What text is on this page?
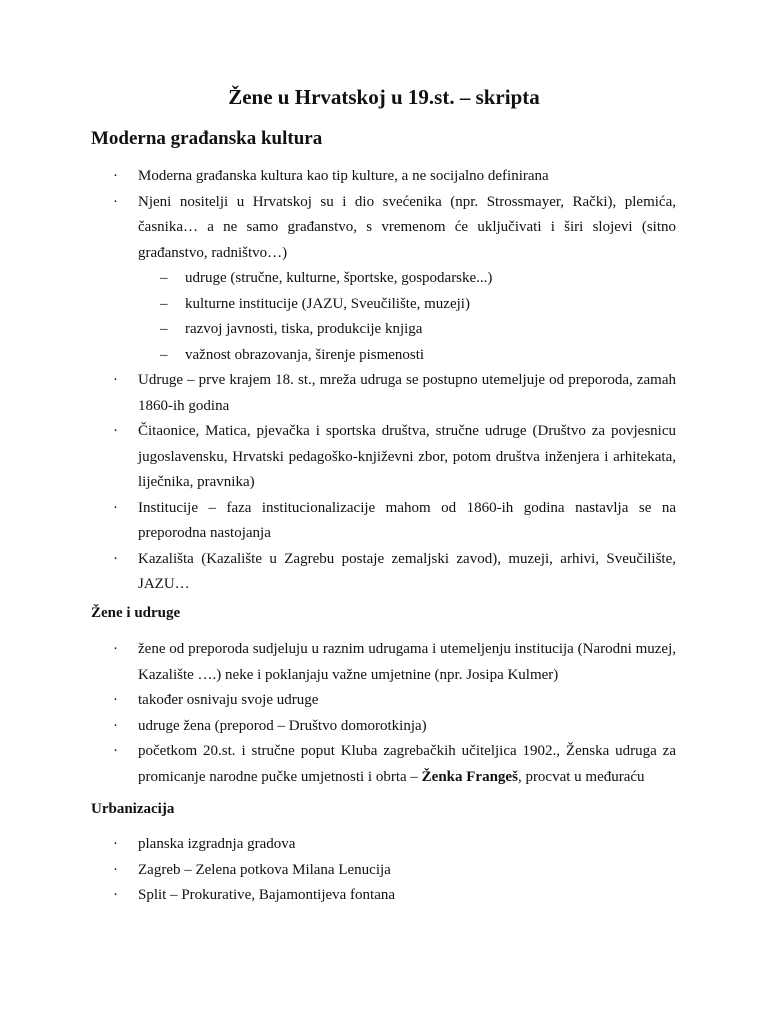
Žene u Hrvatskoj u 19.st. – skripta
Moderna građanska kultura
· Moderna građanska kultura kao tip kulture, a ne socijalno definirana
· Njeni nositelji u Hrvatskoj su i dio svećenika (npr. Strossmayer, Rački), plemića, časnika… a ne samo građanstvo, s vremenom će uključivati i širi slojevi (sitno građanstvo, radništvo…)
– udruge (stručne, kulturne, športske, gospodarske...)
– kulturne institucije (JAZU, Sveučilište, muzeji)
– razvoj javnosti, tiska, produkcije knjiga
– važnost obrazovanja, širenje pismenosti
· Udruge – prve krajem 18. st., mreža udruga se postupno utemeljuje od preporoda, zamah 1860-ih godina
· Čitaonice, Matica, pjevačka i sportska društva, stručne udruge (Društvo za povjesnicu jugoslavensku, Hrvatski pedagoško-književni zbor, potom društva inženjera i arhitekata, liječnika, pravnika)
· Institucije – faza institucionalizacije mahom od 1860-ih godina nastavlja se na preporodna nastojanja
· Kazališta (Kazalište u Zagrebu postaje zemaljski zavod), muzeji, arhivi, Sveučilište, JAZU…
Žene i udruge
· žene od preporoda sudjeluju u raznim udrugama i utemeljenju institucija (Narodni muzej, Kazalište ….) neke i poklanjaju važne umjetnine (npr. Josipa Kulmer)
· također osnivaju svoje udruge
· udruge žena (preporod – Društvo domorotkinja)
· početkom 20.st. i stručne poput Kluba zagrebačkih učiteljica 1902., Ženska udruga za promicanje narodne pučke umjetnosti i obrta – Ženka Frangeš, procvat u međuraću
Urbanizacija
· planska izgradnja gradova
· Zagreb – Zelena potkova Milana Lenucija
· Split – Prokurative, Bajamontijeva fontana
